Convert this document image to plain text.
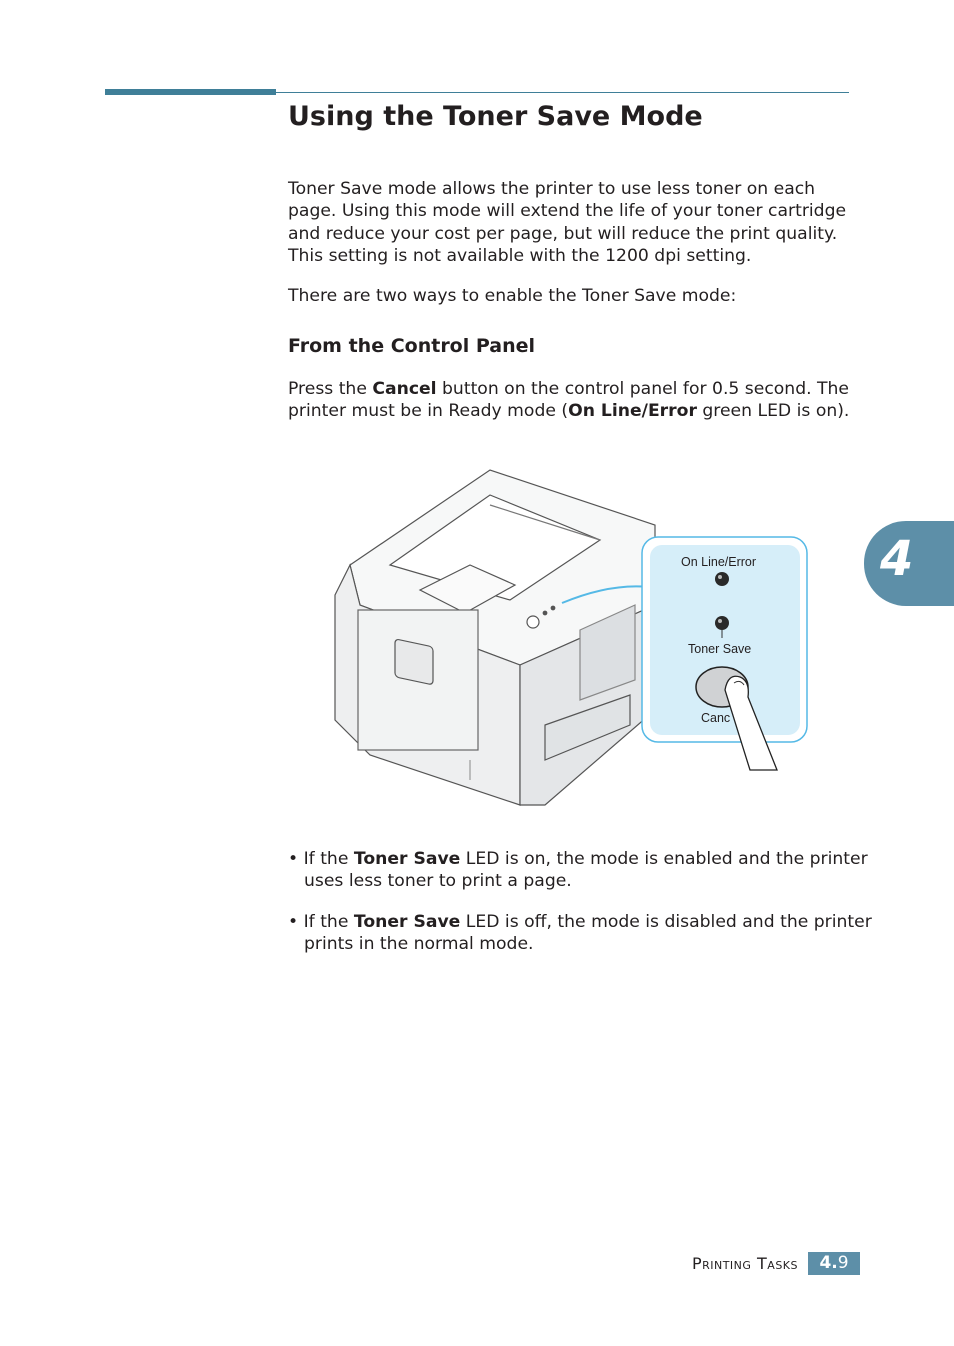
Using the Toner Save Mode

Toner Save mode allows the printer to use less toner on each page. Using this mode will extend the life of your toner cartridge and reduce your cost per page, but will reduce the print quality. This setting is not available with the 1200 dpi setting.

There are two ways to enable the Toner Save mode:

From the Control Panel

Press the Cancel button on the control panel for 0.5 second. The printer must be in Ready mode (On Line/Error green LED is on).

On Line/Error
Toner Save
Canc
• If the Toner Save LED is on, the mode is enabled and the printer uses less toner to print a page.
• If the Toner Save LED is off, the mode is disabled and the printer prints in the normal mode.
4
Printing Tasks	4.9
